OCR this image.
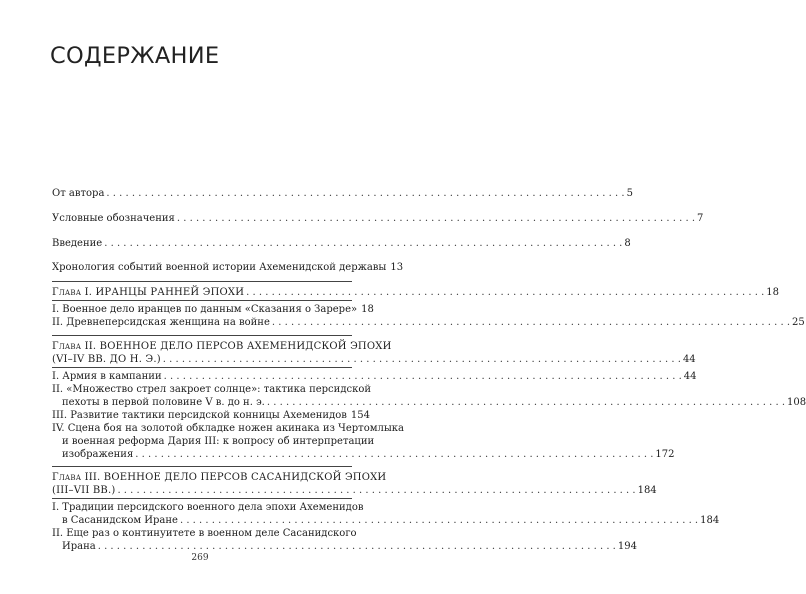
СОДЕРЖАНИЕ
От автора . . .	5
Условные обозначения . . .	7
Введение . . .	8
Хронология событий военной истории Ахеменидской державы 13
Глава I. ИРАНЦЫ РАННЕЙ ЭПОХИ . . .	18
I. Военное дело иранцев по данным «Сказания о Зарере» 18
II. Древнеперсидская женщина на войне . . .	25
Глава II. ВОЕННОЕ ДЕЛО ПЕРСОВ АХЕМЕНИДСКОЙ ЭПОХИ
(VI–IV ВВ. ДО Н. Э.) . . .	44
I. Армия в кампании . . .	44
II. «Множество стрел закроет солнце»: тактика персидской
пехоты в первой половине V в. до н. э. . . .	108
III. Развитие тактики персидской конницы Ахеменидов 154
IV. Сцена боя на золотой обкладке ножен акинака из Чертомлыка
и военная реформа Дария III: к вопросу об интерпретации
изображения . . .	172
Глава III. ВОЕННОЕ ДЕЛО ПЕРСОВ САСАНИДСКОЙ ЭПОХИ
(III–VII ВВ.) . . .	184
I. Традиции персидского военного дела эпохи Ахеменидов
в Сасанидском Иране . . .	184
II. Еще раз о континуитете в военном деле Сасанидского
Ирана . . .	194
269
